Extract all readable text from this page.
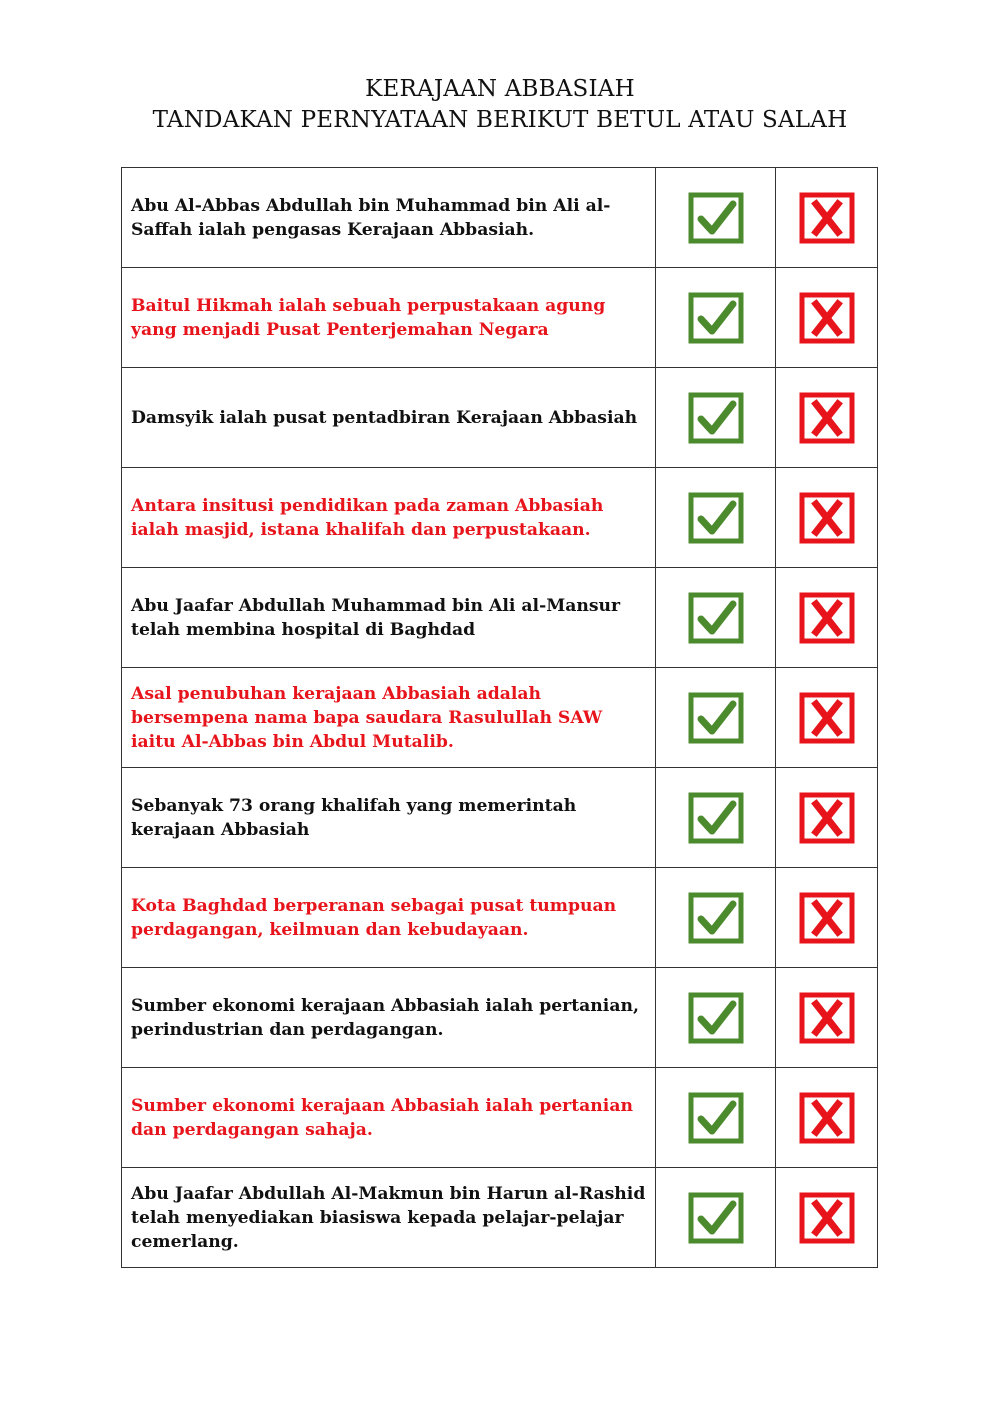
KERAJAAN ABBASIAH
TANDAKAN PERNYATAAN BERIKUT BETUL ATAU SALAH
Abu Al-Abbas Abdullah bin Muhammad bin Ali al-Saffah ialah pengasas Kerajaan Abbasiah.	

Baitul Hikmah ialah sebuah perpustakaan agung yang menjadi Pusat Penterjemahan Negara	

Damsyik ialah pusat pentadbiran Kerajaan Abbasiah	

Antara insitusi pendidikan pada zaman Abbasiah ialah masjid, istana khalifah dan perpustakaan.	

Abu Jaafar Abdullah Muhammad bin Ali al-Mansur telah membina hospital di Baghdad	

Asal penubuhan kerajaan Abbasiah adalah bersempena nama bapa saudara Rasulullah SAW iaitu Al-Abbas bin Abdul Mutalib.	

Sebanyak 73 orang khalifah yang memerintah kerajaan Abbasiah	

Kota Baghdad berperanan sebagai pusat tumpuan perdagangan, keilmuan dan kebudayaan.	

Sumber ekonomi kerajaan Abbasiah ialah pertanian, perindustrian dan perdagangan.	

Sumber ekonomi kerajaan Abbasiah ialah pertanian dan perdagangan sahaja.	

Abu Jaafar Abdullah Al-Makmun bin Harun al-Rashid telah menyediakan biasiswa kepada pelajar-pelajar cemerlang.	
